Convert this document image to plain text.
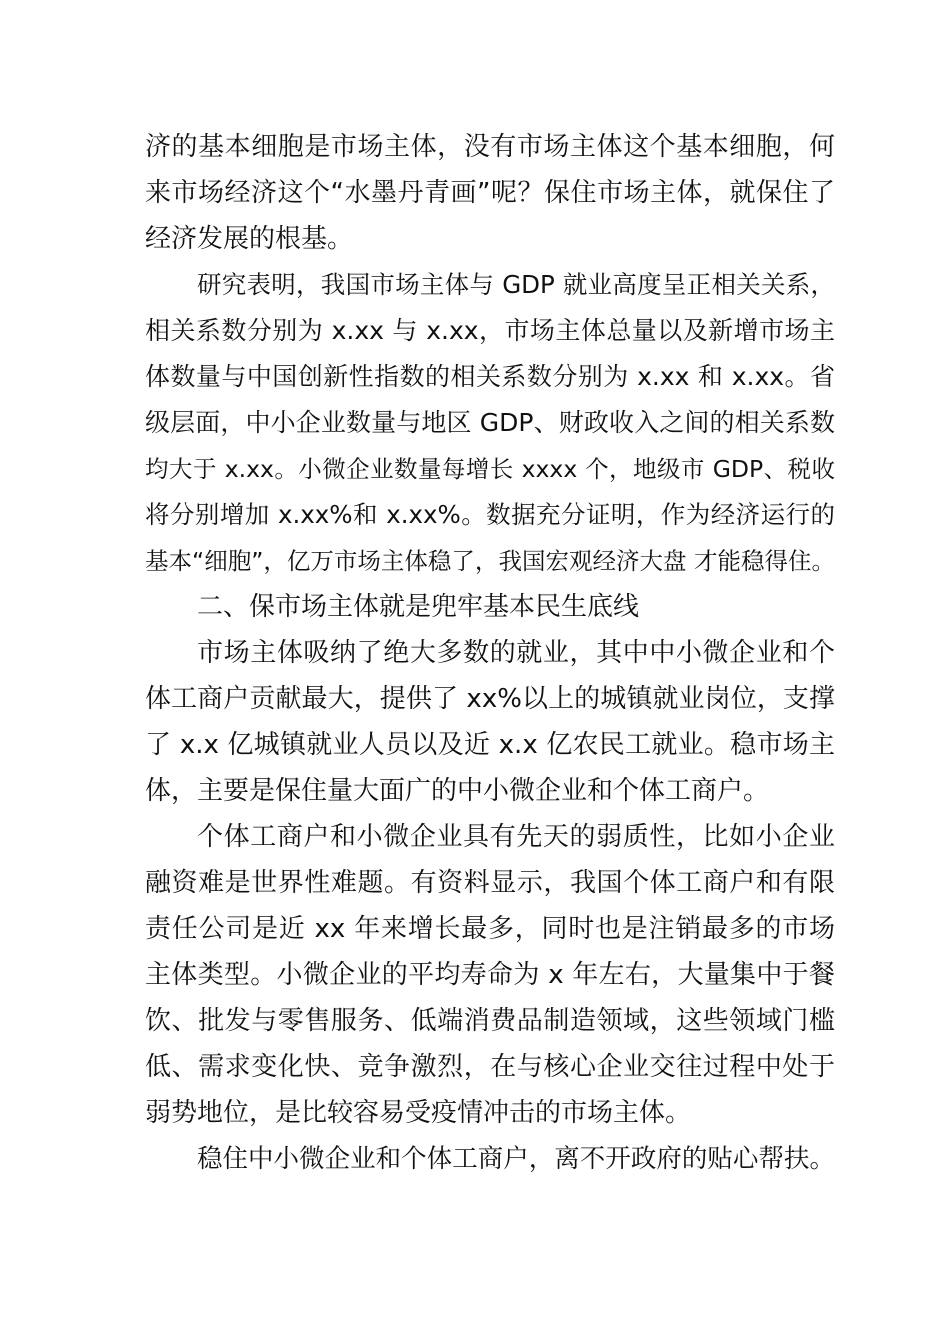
济的基本细胞是市场主体，没有市场主体这个基本细胞，何
来市场经济这个“水墨丹青画”呢？保住市场主体，就保住了
经济发展的根基。
研究表明，我国市场主体与 GDP 就业高度呈正相关关系，
相关系数分别为 x.xx 与 x.xx，市场主体总量以及新增市场主
体数量与中国创新性指数的相关系数分别为 x.xx 和 x.xx。省
级层面，中小企业数量与地区 GDP、财政收入之间的相关系数
均大于 x.xx。小微企业数量每增长 xxxx 个，地级市 GDP、税收
将分别增加 x.xx%和 x.xx%。数据充分证明，作为经济运行的
基本“细胞”，亿万市场主体稳了，我国宏观经济大盘 才能稳得住。
二、保市场主体就是兜牢基本民生底线
市场主体吸纳了绝大多数的就业，其中中小微企业和个
体工商户贡献最大，提供了 xx%以上的城镇就业岗位，支撑
了 x.x 亿城镇就业人员以及近 x.x 亿农民工就业。稳市场主
体，主要是保住量大面广的中小微企业和个体工商户。
个体工商户和小微企业具有先天的弱质性，比如小企业
融资难是世界性难题。有资料显示，我国个体工商户和有限
责任公司是近 xx 年来增长最多，同时也是注销最多的市场
主体类型。小微企业的平均寿命为 x 年左右，大量集中于餐
饮、批发与零售服务、低端消费品制造领域，这些领域门槛
低、需求变化快、竞争激烈，在与核心企业交往过程中处于
弱势地位，是比较容易受疫情冲击的市场主体。
稳住中小微企业和个体工商户，离不开政府的贴心帮扶。
